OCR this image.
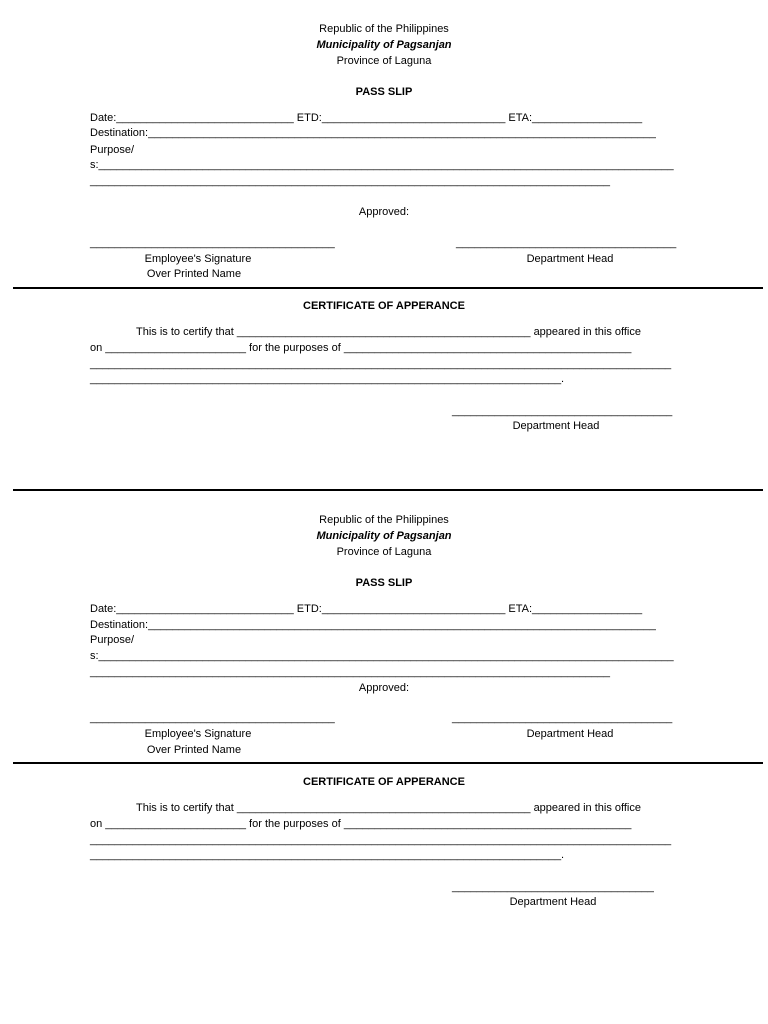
Republic of the Philippines
Municipality of Pagsanjan
Province of Laguna
PASS SLIP
Date:_____________________________ ETD:______________________________ ETA:__________________
Destination:___________________________________________________________________________________
Purpose/
s:______________________________________________________________________________________________
_____________________________________________________________________________________
Approved:
________________________________________	____________________________________
Employee's Signature
Over Printed Name
Department Head
CERTIFICATE OF APPERANCE
This is to certify that ________________________________________________ appeared in this office
on _______________________ for the purposes of _______________________________________________
_______________________________________________________________________________________________
_____________________________________________________________________________.
____________________________________
Department Head
Republic of the Philippines
Municipality of Pagsanjan
Province of Laguna
PASS SLIP
Date:_____________________________ ETD:______________________________ ETA:__________________
Destination:___________________________________________________________________________________
Purpose/
s:______________________________________________________________________________________________
_____________________________________________________________________________________
Approved:
________________________________________	____________________________________
Employee's Signature
Over Printed Name
Department Head
CERTIFICATE OF APPERANCE
This is to certify that ________________________________________________ appeared in this office
on _______________________ for the purposes of _______________________________________________
_______________________________________________________________________________________________
_____________________________________________________________________________.
_________________________________
Department Head
